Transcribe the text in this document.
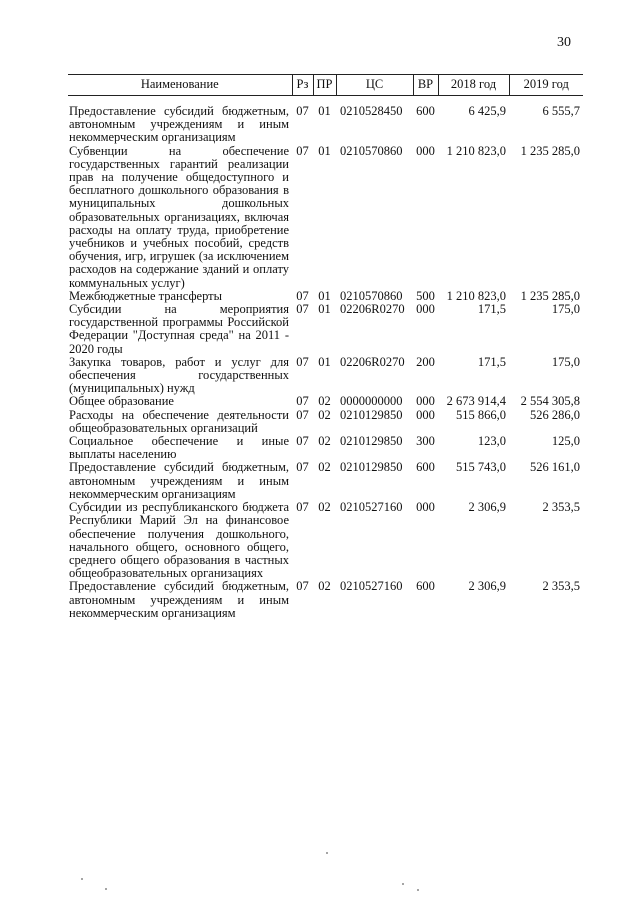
30
Наименование	Рз	ПР	ЦС	ВР	2018 год	2019 год
Предоставление субсидий бюджетным, автономным учреждениям и иным некоммерческим организациям	07	01	0210528450	600	6 425,9	6 555,7
Субвенции на обеспечение государственных гарантий реализации прав на получение общедоступного и бесплатного дошкольного образования в муниципальных дошкольных образовательных организациях, включая расходы на оплату труда, приобретение учебников и учебных пособий, средств обучения, игр, игрушек (за исключением расходов на содержание зданий и оплату коммунальных услуг)	07	01	0210570860	000	1 210 823,0	1 235 285,0
Межбюджетные трансферты	07	01	0210570860	500	1 210 823,0	1 235 285,0
Субсидии на мероприятия государственной программы Российской Федерации "Доступная среда" на 2011 - 2020 годы	07	01	02206R0270	000	171,5	175,0
Закупка товаров, работ и услуг для обеспечения государственных (муниципальных) нужд	07	01	02206R0270	200	171,5	175,0
Общее образование	07	02	0000000000	000	2 673 914,4	2 554 305,8
Расходы на обеспечение деятельности общеобразовательных организаций	07	02	0210129850	000	515 866,0	526 286,0
Социальное обеспечение и иные выплаты населению	07	02	0210129850	300	123,0	125,0
Предоставление субсидий бюджетным, автономным учреждениям и иным некоммерческим организациям	07	02	0210129850	600	515 743,0	526 161,0
Субсидии из республиканского бюджета Республики Марий Эл на финансовое обеспечение получения дошкольного, начального общего, основного общего, среднего общего образования в частных общеобразовательных организациях	07	02	0210527160	000	2 306,9	2 353,5
Предоставление субсидий бюджетным, автономным учреждениям и иным некоммерческим организациям	07	02	0210527160	600	2 306,9	2 353,5
